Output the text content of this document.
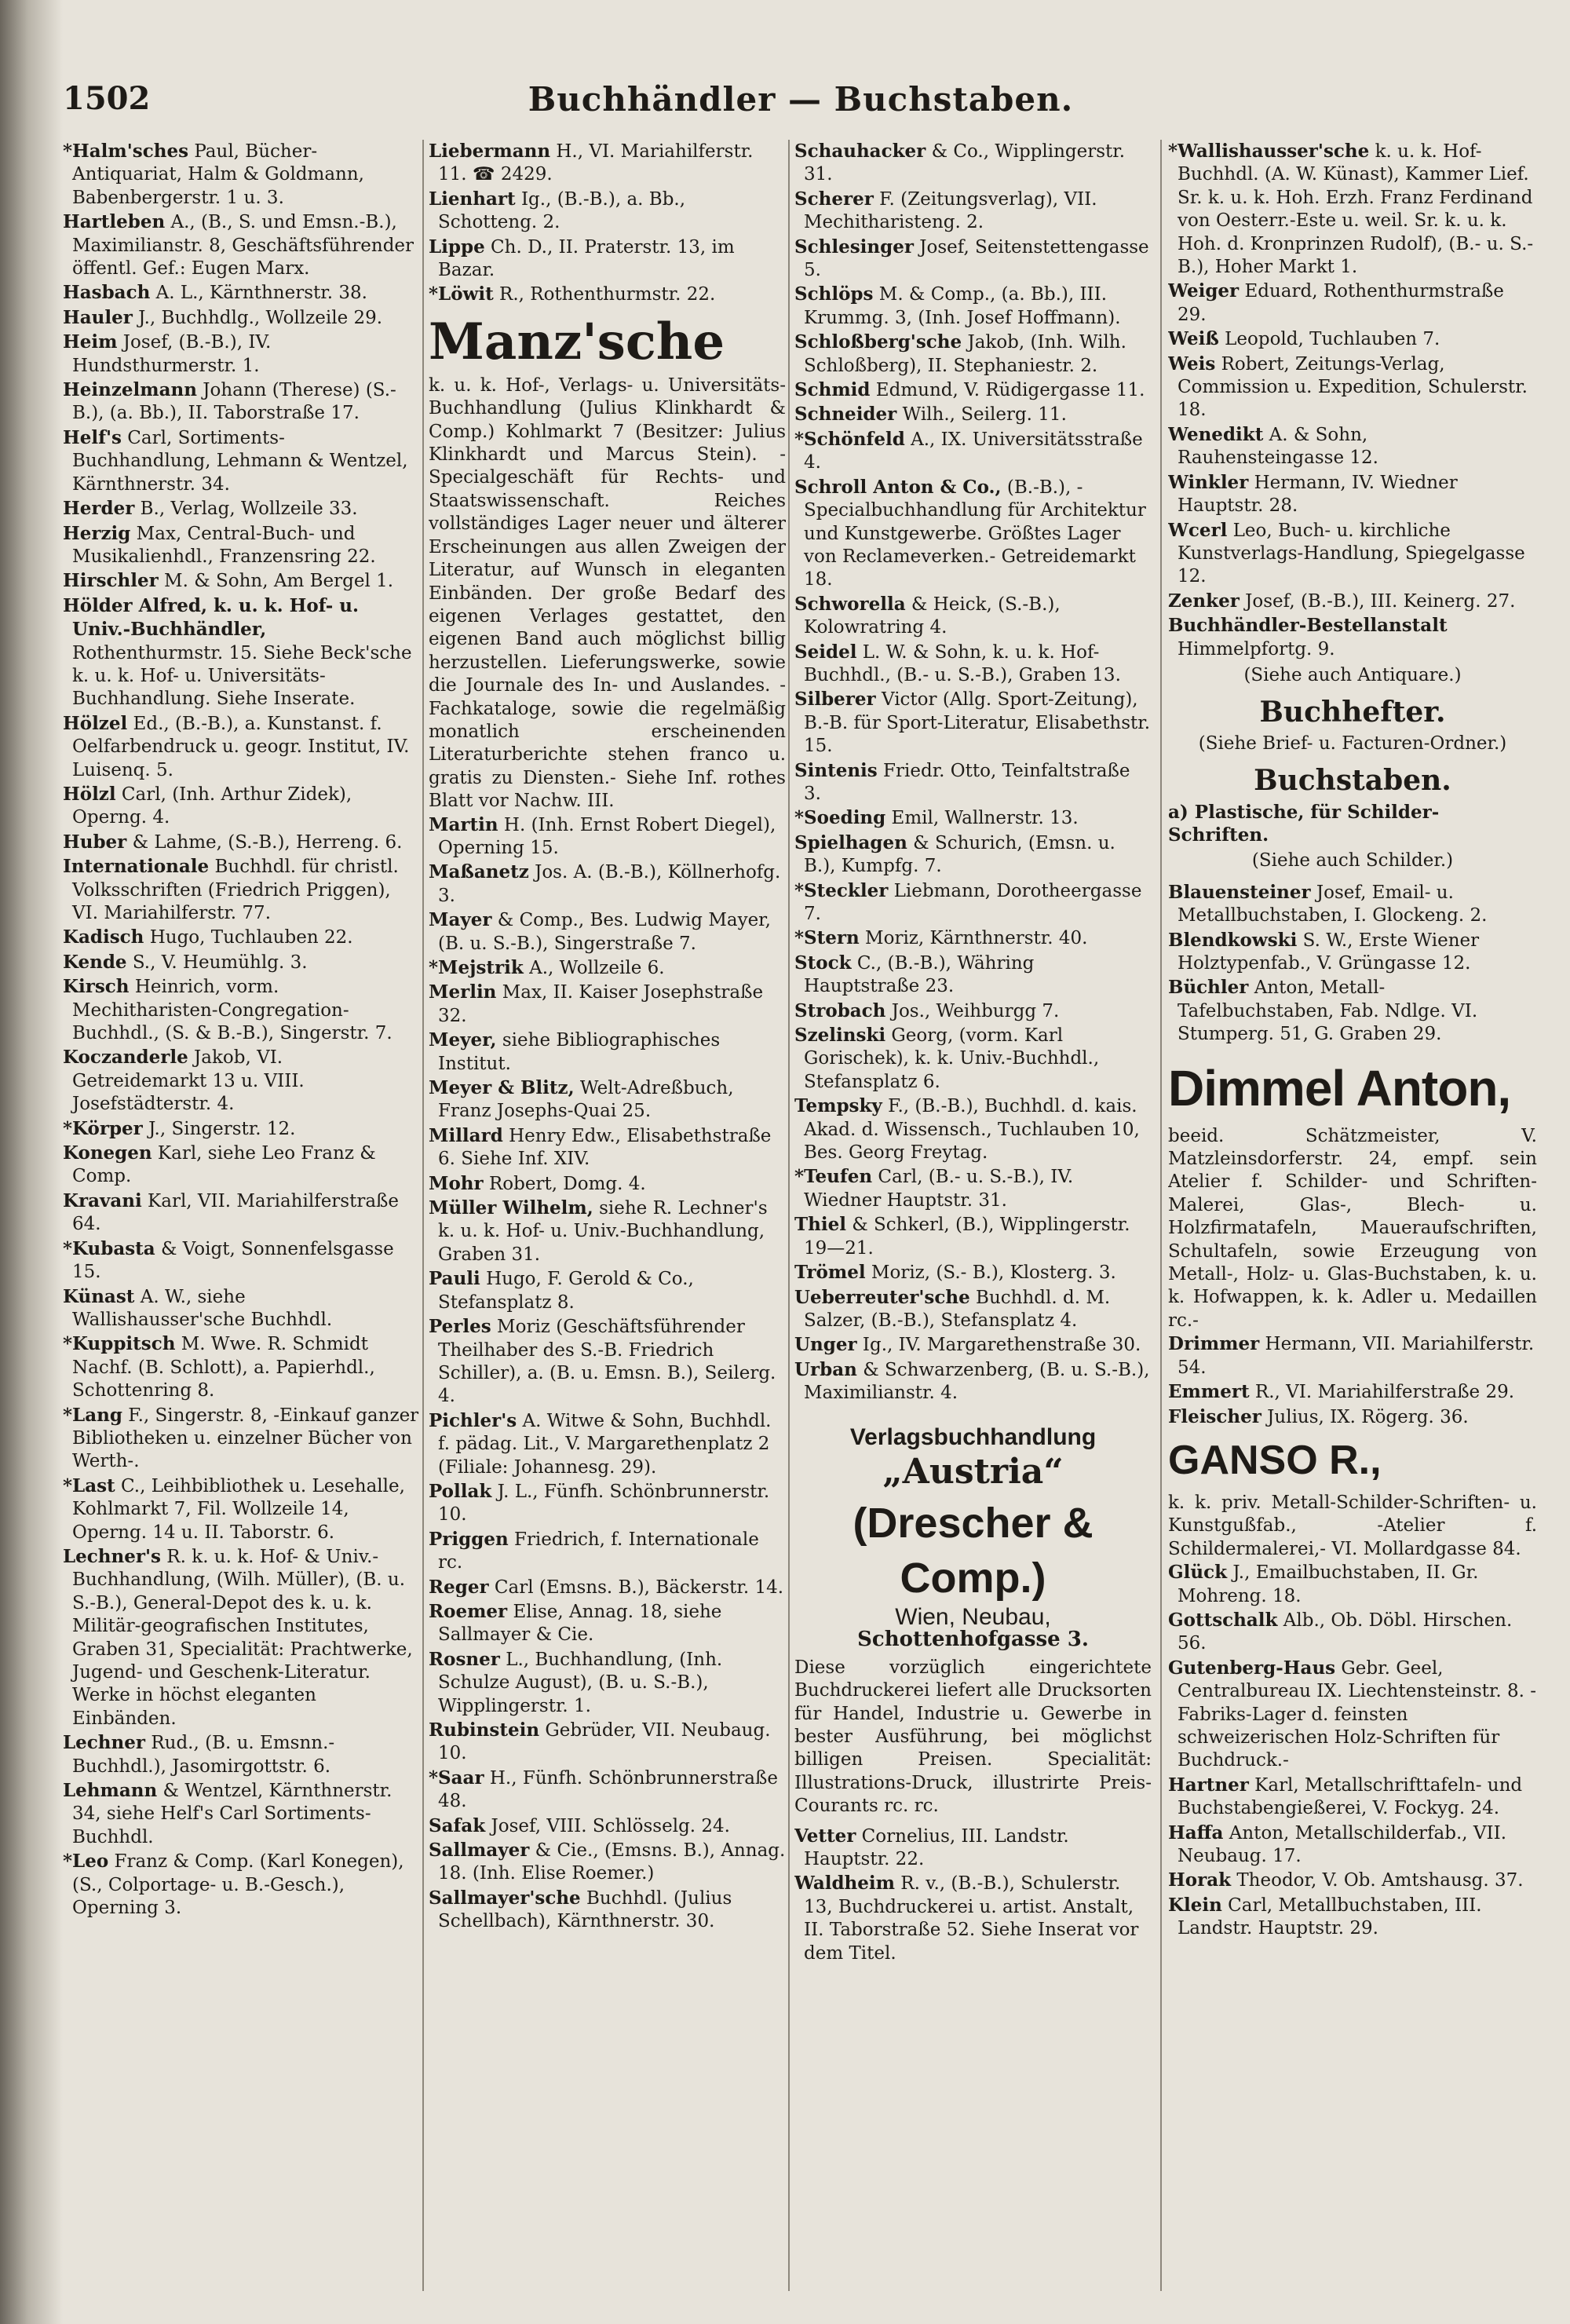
1502	Buchhändler — Buchstaben.
*Halm'sches Paul, Bücher-Antiquariat, Halm & Goldmann, Babenbergerstr. 1 u. 3.
Hartleben A., (B., S. und Emsn.-B.), Maximilianstr. 8, Geschäftsführender öffentl. Gef.: Eugen Marx.
Hasbach A. L., Kärnthnerstr. 38.
Hauler J., Buchhdlg., Wollzeile 29.
Heim Josef, (B.-B.), IV. Hundsthurmerstr. 1.
Heinzelmann Johann (Therese) (S.-B.), (a. Bb.), II. Taborstraße 17.
Helf's Carl, Sortiments-Buchhandlung, Lehmann & Wentzel, Kärnthnerstr. 34.
Herder B., Verlag, Wollzeile 33.
Herzig Max, Central-Buch- und Musikalienhdl., Franzensring 22.
Hirschler M. & Sohn, Am Bergel 1.
Hölder Alfred, k. u. k. Hof- u. Univ.-Buchhändler, Rothenthurmstr. 15. Siehe Beck'sche k. u. k. Hof- u. Universitäts-Buchhandlung. Siehe Inserate.
Hölzel Ed., (B.-B.), a. Kunstanst. f. Oelfarbendruck u. geogr. Institut, IV. Luisenq. 5.
Hölzl Carl, (Inh. Arthur Zidek), Operng. 4.
Huber & Lahme, (S.-B.), Herreng. 6.
Internationale Buchhdl. für christl. Volksschriften (Friedrich Priggen), VI. Mariahilferstr. 77.
Kadisch Hugo, Tuchlauben 22.
Kende S., V. Heumühlg. 3.
Kirsch Heinrich, vorm. Mechitharisten-Congregation-Buchhdl., (S. & B.-B.), Singerstr. 7.
Koczanderle Jakob, VI. Getreidemarkt 13 u. VIII. Josefstädterstr. 4.
*Körper J., Singerstr. 12.
Konegen Karl, siehe Leo Franz & Comp.
Kravani Karl, VII. Mariahilferstraße 64.
*Kubasta & Voigt, Sonnenfelsgasse 15.
Künast A. W., siehe Wallishausser'sche Buchhdl.
*Kuppitsch M. Wwe. R. Schmidt Nachf. (B. Schlott), a. Papierhdl., Schottenring 8.
*Lang F., Singerstr. 8, -Einkauf ganzer Bibliotheken u. einzelner Bücher von Werth-.
*Last C., Leihbibliothek u. Lesehalle, Kohlmarkt 7, Fil. Wollzeile 14, Operng. 14 u. II. Taborstr. 6.
Lechner's R. k. u. k. Hof- & Univ.-Buchhandlung, (Wilh. Müller), (B. u. S.-B.), General-Depot des k. u. k. Militär-geografischen Institutes, Graben 31, Specialität: Prachtwerke, Jugend- und Geschenk-Literatur. Werke in höchst eleganten Einbänden.
Lechner Rud., (B. u. Emsnn.-Buchhdl.), Jasomirgottstr. 6.
Lehmann & Wentzel, Kärnthnerstr. 34, siehe Helf's Carl Sortiments-Buchhdl.
*Leo Franz & Comp. (Karl Konegen), (S., Colportage- u. B.-Gesch.), Operning 3.
Liebermann H., VI. Mariahilferstr. 11. ☎ 2429.
Lienhart Ig., (B.-B.), a. Bb., Schotteng. 2.
Lippe Ch. D., II. Praterstr. 13, im Bazar.
*Löwit R., Rothenthurmstr. 22.
Manz'sche
k. u. k. Hof-, Verlags- u. Universitäts-Buchhandlung (Julius Klinkhardt & Comp.) Kohlmarkt 7 (Besitzer: Julius Klinkhardt und Marcus Stein). -Specialgeschäft für Rechts- und Staatswissenschaft. Reiches vollständiges Lager neuer und älterer Erscheinungen aus allen Zweigen der Literatur, auf Wunsch in eleganten Einbänden. Der große Bedarf des eigenen Verlages gestattet, den eigenen Band auch möglichst billig herzustellen. Lieferungswerke, sowie die Journale des In- und Auslandes. -Fachkataloge, sowie die regelmäßig monatlich erscheinenden Literaturberichte stehen franco u. gratis zu Diensten.- Siehe Inf. rothes Blatt vor Nachw. III.
Martin H. (Inh. Ernst Robert Diegel), Operning 15.
Maßanetz Jos. A. (B.-B.), Köllnerhofg. 3.
Mayer & Comp., Bes. Ludwig Mayer, (B. u. S.-B.), Singerstraße 7.
*Mejstrik A., Wollzeile 6.
Merlin Max, II. Kaiser Josephstraße 32.
Meyer, siehe Bibliographisches Institut.
Meyer & Blitz, Welt-Adreßbuch, Franz Josephs-Quai 25.
Millard Henry Edw., Elisabethstraße 6. Siehe Inf. XIV.
Mohr Robert, Domg. 4.
Müller Wilhelm, siehe R. Lechner's k. u. k. Hof- u. Univ.-Buchhandlung, Graben 31.
Pauli Hugo, F. Gerold & Co., Stefansplatz 8.
Perles Moriz (Geschäftsführender Theilhaber des S.-B. Friedrich Schiller), a. (B. u. Emsn. B.), Seilerg. 4.
Pichler's A. Witwe & Sohn, Buchhdl. f. pädag. Lit., V. Margarethenplatz 2 (Filiale: Johannesg. 29).
Pollak J. L., Fünfh. Schönbrunnerstr. 10.
Priggen Friedrich, f. Internationale rc.
Reger Carl (Emsns. B.), Bäckerstr. 14.
Roemer Elise, Annag. 18, siehe Sallmayer & Cie.
Rosner L., Buchhandlung, (Inh. Schulze August), (B. u. S.-B.), Wipplingerstr. 1.
Rubinstein Gebrüder, VII. Neubaug. 10.
*Saar H., Fünfh. Schönbrunnerstraße 48.
Safak Josef, VIII. Schlösselg. 24.
Sallmayer & Cie., (Emsns. B.), Annag. 18. (Inh. Elise Roemer.)
Sallmayer'sche Buchhdl. (Julius Schellbach), Kärnthnerstr. 30.
Schauhacker & Co., Wipplingerstr. 31.
Scherer F. (Zeitungsverlag), VII. Mechitharisteng. 2.
Schlesinger Josef, Seitenstettengasse 5.
Schlöps M. & Comp., (a. Bb.), III. Krummg. 3, (Inh. Josef Hoffmann).
Schloßberg'sche Jakob, (Inh. Wilh. Schloßberg), II. Stephaniestr. 2.
Schmid Edmund, V. Rüdigergasse 11.
Schneider Wilh., Seilerg. 11.
*Schönfeld A., IX. Universitätsstraße 4.
Schroll Anton & Co., (B.-B.), -Specialbuchhandlung für Architektur und Kunstgewerbe. Größtes Lager von Reclameverken.- Getreidemarkt 18.
Schworella & Heick, (S.-B.), Kolowratring 4.
Seidel L. W. & Sohn, k. u. k. Hof-Buchhdl., (B.- u. S.-B.), Graben 13.
Silberer Victor (Allg. Sport-Zeitung), B.-B. für Sport-Literatur, Elisabethstr. 15.
Sintenis Friedr. Otto, Teinfaltstraße 3.
*Soeding Emil, Wallnerstr. 13.
Spielhagen & Schurich, (Emsn. u. B.), Kumpfg. 7.
*Steckler Liebmann, Dorotheergasse 7.
*Stern Moriz, Kärnthnerstr. 40.
Stock C., (B.-B.), Währing Hauptstraße 23.
Strobach Jos., Weihburgg 7.
Szelinski Georg, (vorm. Karl Gorischek), k. k. Univ.-Buchhdl., Stefansplatz 6.
Tempsky F., (B.-B.), Buchhdl. d. kais. Akad. d. Wissensch., Tuchlauben 10, Bes. Georg Freytag.
*Teufen Carl, (B.- u. S.-B.), IV. Wiedner Hauptstr. 31.
Thiel & Schkerl, (B.), Wipplingerstr. 19—21.
Trömel Moriz, (S.- B.), Klosterg. 3.
Ueberreuter'sche Buchhdl. d. M. Salzer, (B.-B.), Stefansplatz 4.
Unger Ig., IV. Margarethenstraße 30.
Urban & Schwarzenberg, (B. u. S.-B.), Maximilianstr. 4.
Verlagsbuchhandlung
„Austria“
(Drescher & Comp.)
Wien, Neubau,
Schottenhofgasse 3.
Diese vorzüglich eingerichtete Buchdruckerei liefert alle Drucksorten für Handel, Industrie u. Gewerbe in bester Ausführung, bei möglichst billigen Preisen. Specialität: Illustrations-Druck, illustrirte Preis-Courants rc. rc.
Vetter Cornelius, III. Landstr. Hauptstr. 22.
Waldheim R. v., (B.-B.), Schulerstr. 13, Buchdruckerei u. artist. Anstalt, II. Taborstraße 52. Siehe Inserat vor dem Titel.
*Wallishausser'sche k. u. k. Hof-Buchhdl. (A. W. Künast), Kammer Lief. Sr. k. u. k. Hoh. Erzh. Franz Ferdinand von Oesterr.-Este u. weil. Sr. k. u. k. Hoh. d. Kronprinzen Rudolf), (B.- u. S.-B.), Hoher Markt 1.
Weiger Eduard, Rothenthurmstraße 29.
Weiß Leopold, Tuchlauben 7.
Weis Robert, Zeitungs-Verlag, Commission u. Expedition, Schulerstr. 18.
Wenedikt A. & Sohn, Rauhensteingasse 12.
Winkler Hermann, IV. Wiedner Hauptstr. 28.
Wcerl Leo, Buch- u. kirchliche Kunstverlags-Handlung, Spiegelgasse 12.
Zenker Josef, (B.-B.), III. Keinerg. 27.
Buchhändler-Bestellanstalt Himmelpfortg. 9.
(Siehe auch Antiquare.)
Buchhefter.
(Siehe Brief- u. Facturen-Ordner.)
Buchstaben.
a) Plastische, für Schilder-Schriften.
(Siehe auch Schilder.)
Blauensteiner Josef, Email- u. Metallbuchstaben, I. Glockeng. 2.
Blendkowski S. W., Erste Wiener Holztypenfab., V. Grüngasse 12.
Büchler Anton, Metall-Tafelbuchstaben, Fab. Ndlge. VI. Stumperg. 51, G. Graben 29.
Dimmel Anton,
beeid. Schätzmeister, V. Matzleinsdorferstr. 24, empf. sein Atelier f. Schilder- und Schriften-Malerei, Glas-, Blech- u. Holzfirmatafeln, Maueraufschriften, Schultafeln, sowie Erzeugung von Metall-, Holz- u. Glas-Buchstaben, k. u. k. Hofwappen, k. k. Adler u. Medaillen rc.-
Drimmer Hermann, VII. Mariahilferstr. 54.
Emmert R., VI. Mariahilferstraße 29.
Fleischer Julius, IX. Rögerg. 36.
GANSO R.,
k. k. priv. Metall-Schilder-Schriften- u. Kunstgußfab., -Atelier f. Schildermalerei,- VI. Mollardgasse 84.
Glück J., Emailbuchstaben, II. Gr. Mohreng. 18.
Gottschalk Alb., Ob. Döbl. Hirschen. 56.
Gutenberg-Haus Gebr. Geel, Centralbureau IX. Liechtensteinstr. 8. -Fabriks-Lager d. feinsten schweizerischen Holz-Schriften für Buchdruck.-
Hartner Karl, Metallschrifttafeln- und Buchstabengießerei, V. Fockyg. 24.
Haffa Anton, Metallschilderfab., VII. Neubaug. 17.
Horak Theodor, V. Ob. Amtshausg. 37.
Klein Carl, Metallbuchstaben, III. Landstr. Hauptstr. 29.
